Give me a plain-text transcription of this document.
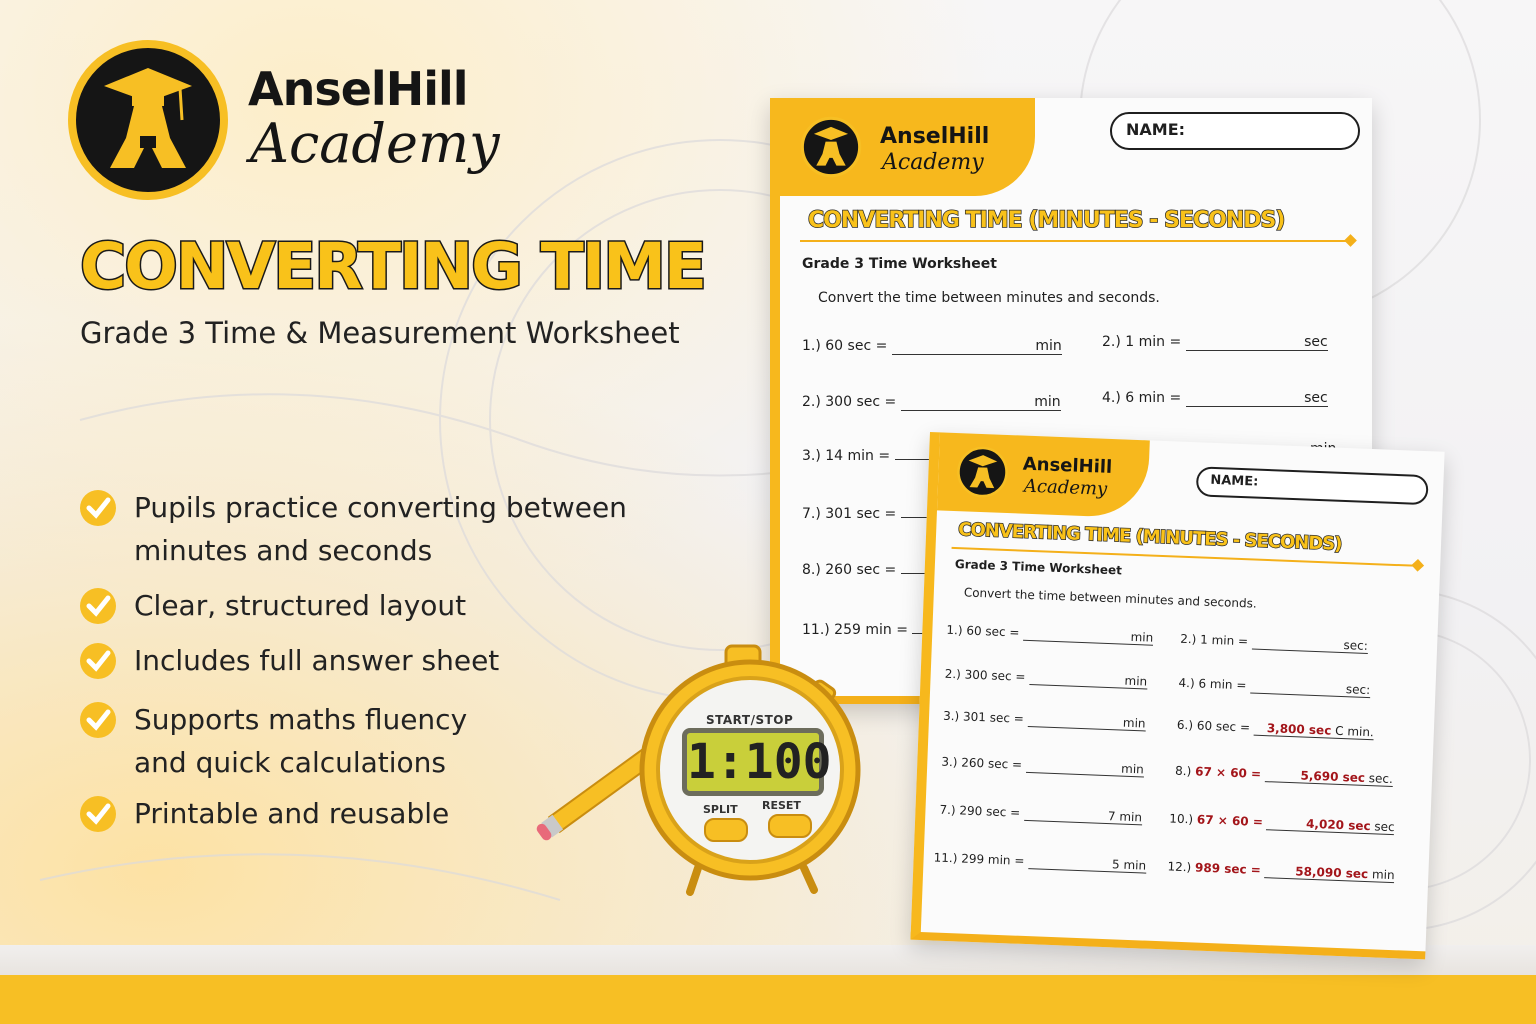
AnselHill
Academy
CONVERTING TIME
Grade 3 Time & Measurement Worksheet
Pupils practice converting between
minutes and seconds
Clear, structured layout
Includes full answer sheet
Supports maths fluency
and quick calculations
Printable and reusable
AnselHill
Academy
NAME:
CONVERTING TIME (MINUTES - SECONDS)
Grade 3 Time Worksheet
Convert the time between minutes and seconds.
1.) 60 sec =	min	2.) 1 min =	sec
2.) 300 sec =	min	4.) 6 min =	sec
3.) 14 min =
7.) 301 sec =
8.) 260 sec =
11.) 259 min =
AnselHill
Academy	NAME:
CONVERTING TIME (MINUTES - SECONDS)
Grade 3 Time Worksheet
Convert the time between minutes and seconds.
1.) 60 sec =	min 2.) 1 min =	sec:
2.) 300 sec =	min	4.) 6 min =	sec:
3.) 301 sec =	min	6.) 60 sec = 3,800 sec C min.
3.) 260 sec =	min	8.) 67 × 60 =	5,690 sec sec.
7.) 290 sec =	7 min 10.) 67 × 60 =	4,020 sec sec
11.) 299 min =	5 min 12.) 989 sec =	58,090 sec min
START/STOP
1:100
SPLIT RESET
